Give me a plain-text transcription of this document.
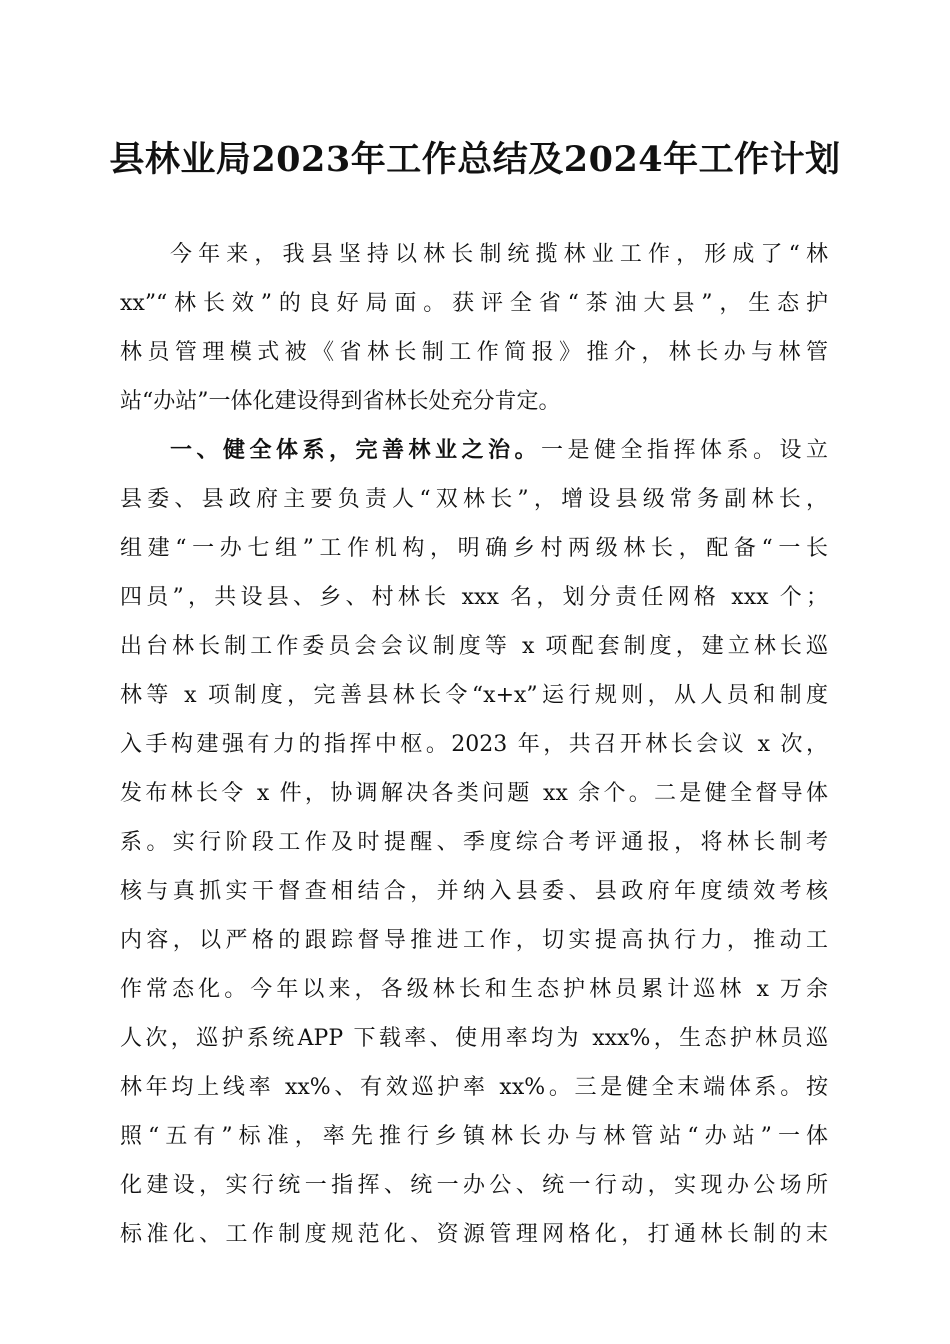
县林业局2023年工作总结及2024年工作计划
今年来，我县坚持以林长制统揽林业工作，形成了“林
xx”“林长效”的良好局面。获评全省“茶油大县”，生态护
林员管理模式被《省林长制工作简报》推介，林长办与林管
站“办站”一体化建设得到省林长处充分肯定。
一、健全体系，完善林业之治。一是健全指挥体系。设立
县委、县政府主要负责人“双林长”，增设县级常务副林长，
组建“一办七组”工作机构，明确乡村两级林长，配备“一长
四员”，共设县、乡、村林长 xxx 名，划分责任网格 xxx 个；
出台林长制工作委员会会议制度等 x 项配套制度，建立林长巡
林等 x 项制度，完善县林长令“x+x”运行规则，从人员和制度
入手构建强有力的指挥中枢。2023 年，共召开林长会议 x 次，
发布林长令 x 件，协调解决各类问题 xx 余个。二是健全督导体
系。实行阶段工作及时提醒、季度综合考评通报，将林长制考
核与真抓实干督查相结合，并纳入县委、县政府年度绩效考核
内容，以严格的跟踪督导推进工作，切实提高执行力，推动工
作常态化。今年以来，各级林长和生态护林员累计巡林 x 万余
人次，巡护系统APP 下载率、使用率均为 xxx%，生态护林员巡
林年均上线率 xx%、有效巡护率 xx%。三是健全末端体系。按
照“五有”标准，率先推行乡镇林长办与林管站“办站”一体
化建设，实行统一指挥、统一办公、统一行动，实现办公场所
标准化、工作制度规范化、资源管理网格化，打通林长制的末
